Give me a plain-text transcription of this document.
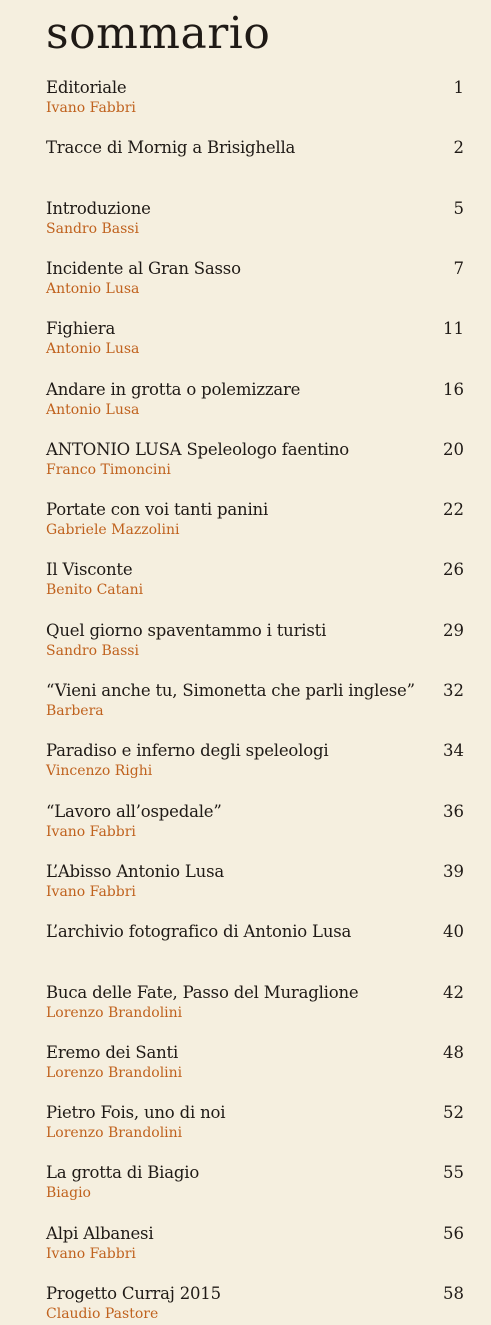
sommario
Editoriale	1
Ivano Fabbri
Tracce di Mornig a Brisighella	2
Introduzione	5
Sandro Bassi
Incidente al Gran Sasso	7
Antonio Lusa
Fighiera	11
Antonio Lusa
Andare in grotta o polemizzare	16
Antonio Lusa
ANTONIO LUSA Speleologo faentino	20
Franco Timoncini
Portate con voi tanti panini	22
Gabriele Mazzolini
Il Visconte	26
Benito Catani
Quel giorno spaventammo i turisti	29
Sandro Bassi
“Vieni anche tu, Simonetta che parli inglese” 32
Barbera
Paradiso e inferno degli speleologi	34
Vincenzo Righi
“Lavoro all’ospedale”	36
Ivano Fabbri
L’Abisso Antonio Lusa	39
Ivano Fabbri
L’archivio fotografico di Antonio Lusa	40
Buca delle Fate, Passo del Muraglione	42
Lorenzo Brandolini
Eremo dei Santi	48
Lorenzo Brandolini
Pietro Fois, uno di noi	52
Lorenzo Brandolini
La grotta di Biagio	55
Biagio
Alpi Albanesi	56
Ivano Fabbri
Progetto Curraj 2015	58
Claudio Pastore
